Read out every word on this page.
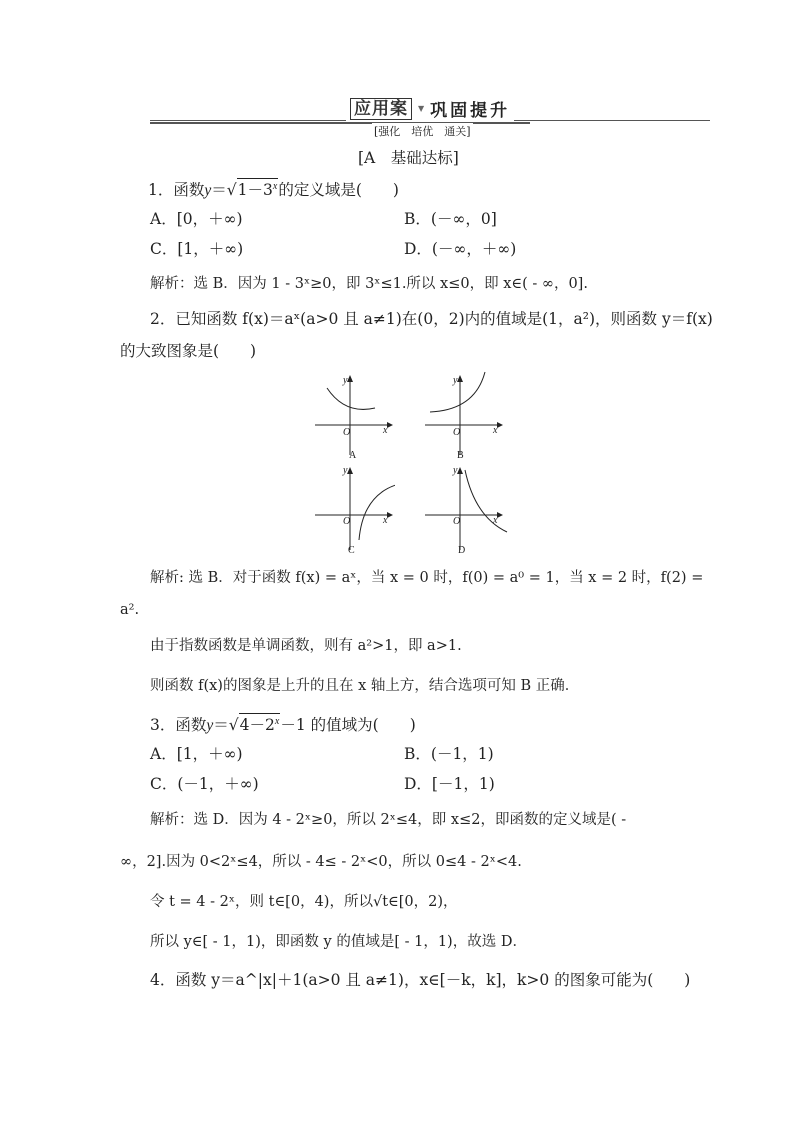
应用案	▼ 巩固提升
[强化　培优　通关]
[A　基础达标]
1．函数$y=√1-3^x$的定义域是(　　)
A．[0，＋∞)	B．(－∞，0]
C．[1，＋∞)	D．(－∞，＋∞)
解析：选 B．因为 1 - 3ˣ≥0，即 3ˣ≤1.所以 x≤0，即 x∈( - ∞，0].
2．已知函数 f(x)＝aˣ(a>0 且 a≠1)在(0，2)内的值域是(1，a²)，则函数 y＝f(x)
的大致图象是(　　)
y
x
O
A
y
x
O
B
y
x
O
C
y
x
O
D
解析: 选 B．对于函数 f(x) = aˣ，当 x = 0 时，f(0) = a⁰ = 1，当 x = 2 时，f(2) =
a².
由于指数函数是单调函数，则有 a²>1，即 a>1.
则函数 f(x)的图象是上升的且在 x 轴上方，结合选项可知 B 正确．
3．函数$y=√4-2^x-1$ 的值域为(　　)
A．[1，＋∞)	B．(－1，1)
C．(－1，＋∞)	D．[－1，1)
解析：选 D．因为 4 - 2ˣ≥0，所以 2ˣ≤4，即 x≤2，即函数的定义域是( -
∞，2].因为 0<2ˣ≤4，所以 - 4≤ - 2ˣ<0，所以 0≤4 - 2ˣ<4.
令 t = 4 - 2ˣ，则 t∈[0，4)，所以√t∈[0，2)，
所以 y∈[ - 1，1)，即函数 y 的值域是[ - 1，1)，故选 D．
4．函数 y＝a^|x|＋1(a>0 且 a≠1)，x∈[－k，k]，k>0 的图象可能为(　　)
